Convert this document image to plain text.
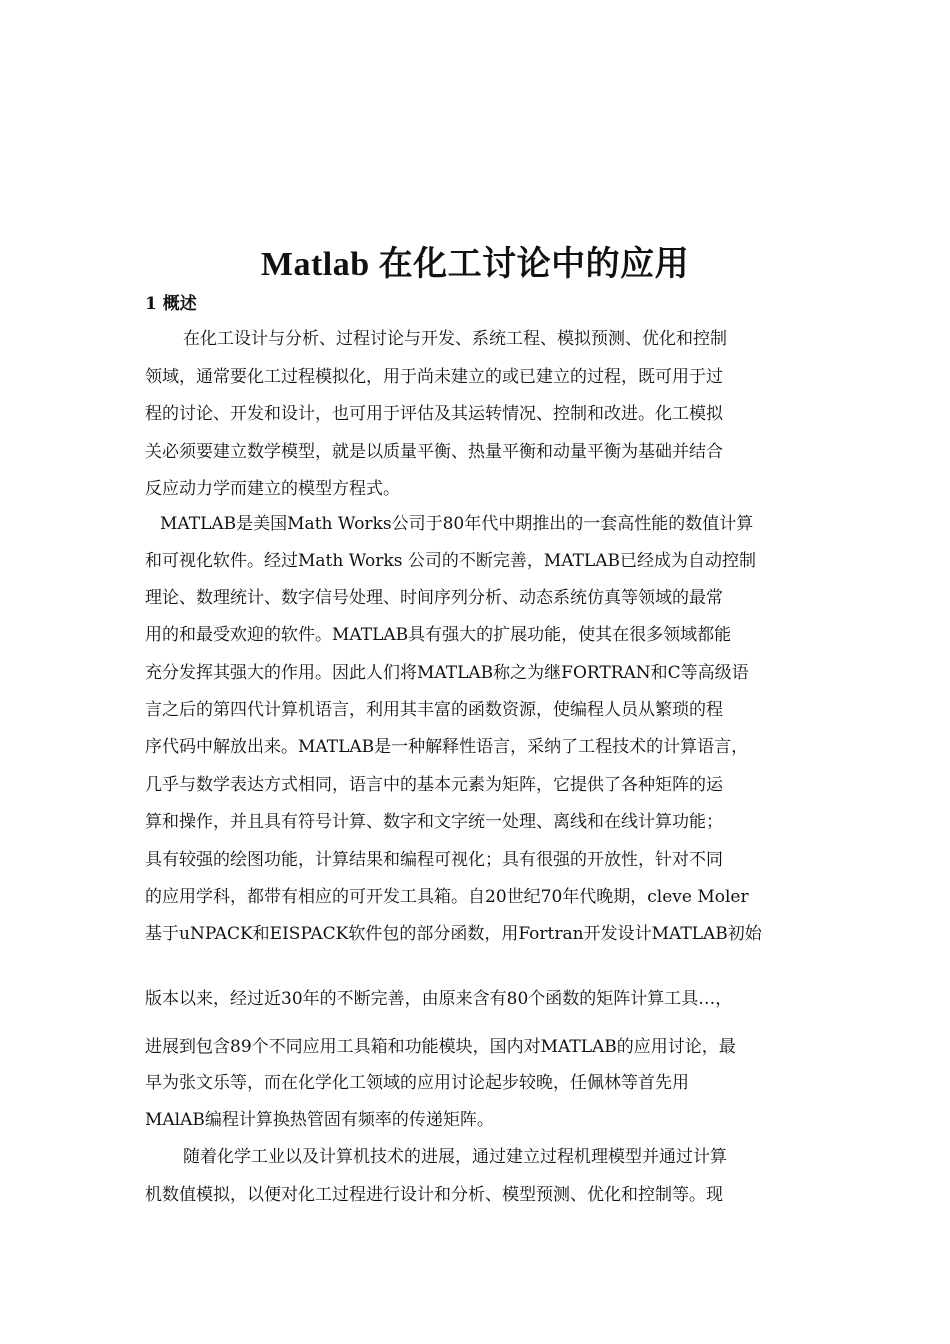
Matlab 在化工讨论中的应用
1 概述
在化工设计与分析、过程讨论与开发、系统工程、模拟预测、优化和控制
领域，通常要化工过程模拟化，用于尚未建立的或已建立的过程，既可用于过
程的讨论、开发和设计，也可用于评估及其运转情况、控制和改进。化工模拟
关必须要建立数学模型，就是以质量平衡、热量平衡和动量平衡为基础并结合
反应动力学而建立的模型方程式。
MATLAB是美国Math Works公司于80年代中期推出的一套高性能的数值计算
和可视化软件。经过Math Works 公司的不断完善，MATLAB已经成为自动控制
理论、数理统计、数字信号处理、时间序列分析、动态系统仿真等领域的最常
用的和最受欢迎的软件。MATLAB具有强大的扩展功能，使其在很多领域都能
充分发挥其强大的作用。因此人们将MATLAB称之为继FORTRAN和C等高级语
言之后的第四代计算机语言，利用其丰富的函数资源，使编程人员从繁琐的程
序代码中解放出来。MATLAB是一种解释性语言，采纳了工程技术的计算语言，
几乎与数学表达方式相同，语言中的基本元素为矩阵，它提供了各种矩阵的运
算和操作，并且具有符号计算、数字和文字统一处理、离线和在线计算功能；
具有较强的绘图功能，计算结果和编程可视化；具有很强的开放性，针对不同
的应用学科，都带有相应的可开发工具箱。自20世纪70年代晚期，cleve Moler
基于uNPACK和EISPACK软件包的部分函数，用Fortran开发设计MATLAB初始
版本以来，经过近30年的不断完善，由原来含有80个函数的矩阵计算工具…，
进展到包含89个不同应用工具箱和功能模块，国内对MATLAB的应用讨论，最
早为张文乐等，而在化学化工领域的应用讨论起步较晚，任佩林等首先用
MAlAB编程计算换热管固有频率的传递矩阵。
随着化学工业以及计算机技术的进展，通过建立过程机理模型并通过计算
机数值模拟，以便对化工过程进行设计和分析、模型预测、优化和控制等。现
